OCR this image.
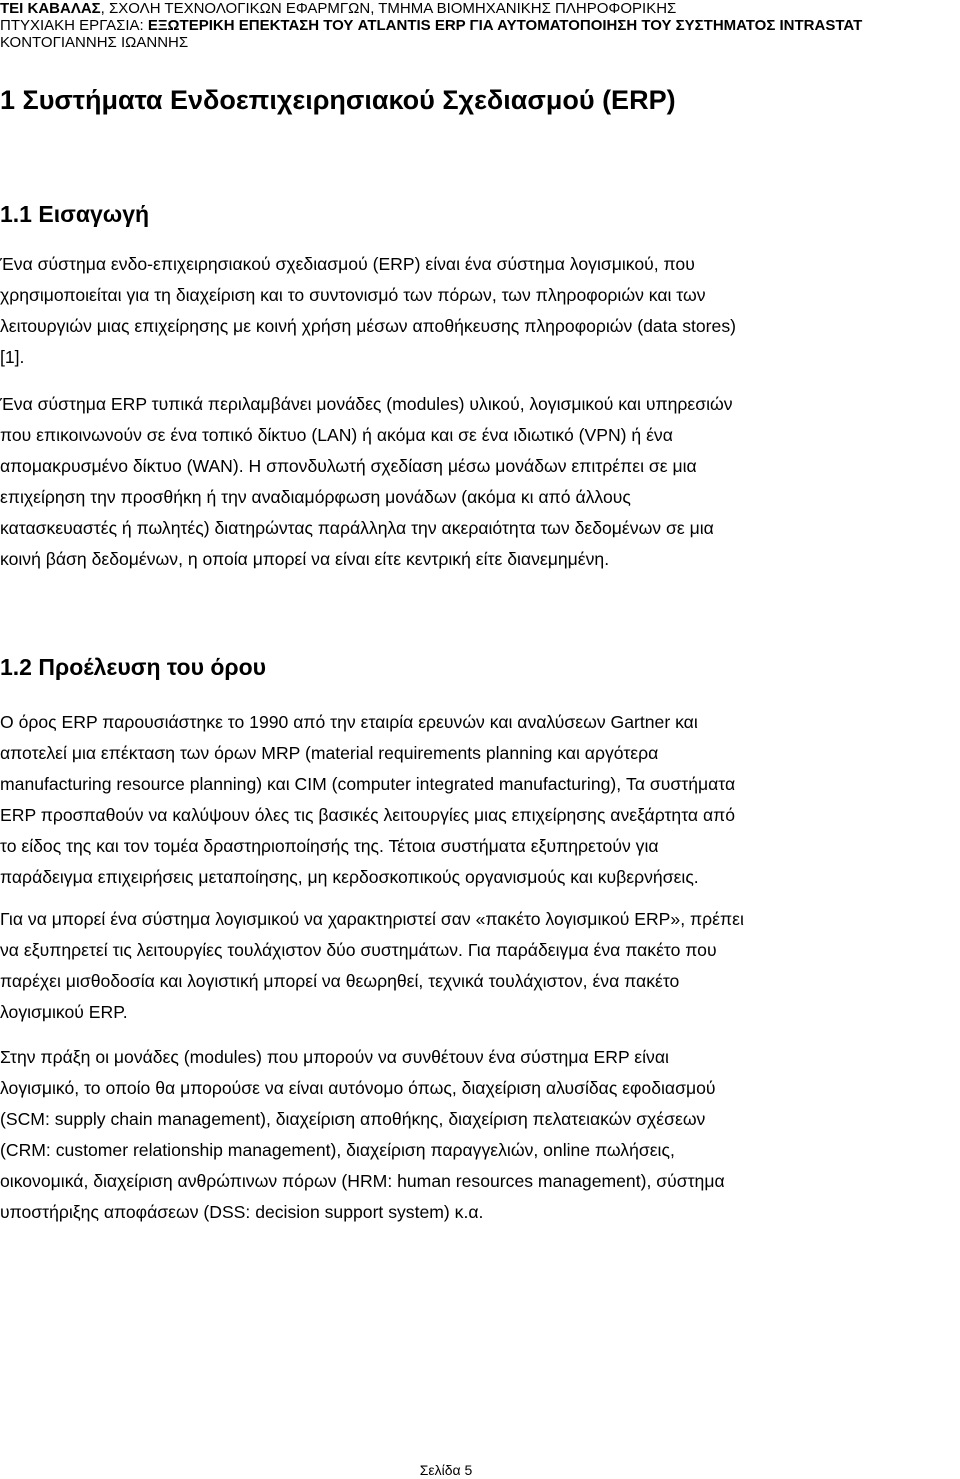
ΤΕΙ ΚΑΒΑΛΑΣ, ΣΧΟΛΗ ΤΕΧΝΟΛΟΓΙΚΩΝ ΕΦΑΡΜΓΩΝ, ΤΜΗΜΑ ΒΙΟΜΗΧΑΝΙΚΗΣ ΠΛΗΡΟΦΟΡΙΚΗΣ
ΠΤΥΧΙΑΚΗ ΕΡΓΑΣΙΑ: ΕΞΩΤΕΡΙΚΗ ΕΠΕΚΤΑΣΗ ΤΟΥ ATLANTIS ERP ΓΙΑ ΑΥΤΟΜΑΤΟΠΟΙΗΣΗ ΤΟΥ ΣΥΣΤΗΜΑΤΟΣ INTRASTAT
ΚΟΝΤΟΓΙΑΝΝΗΣ ΙΩΑΝΝΗΣ
1 Συστήματα Ενδοεπιχειρησιακού Σχεδιασμού (ERP)
1.1 Εισαγωγή

Ένα σύστημα ενδο-επιχειρησιακού σχεδιασμού (ERP) είναι ένα σύστημα λογισμικού, που
χρησιμοποιείται για τη διαχείριση και το συντονισμό των πόρων, των πληροφοριών και των
λειτουργιών μιας επιχείρησης με κοινή χρήση μέσων αποθήκευσης πληροφοριών (data stores)
[1].

Ένα σύστημα ERP τυπικά περιλαμβάνει μονάδες (modules) υλικού, λογισμικού και υπηρεσιών
που επικοινωνούν σε ένα τοπικό δίκτυο (LAN) ή ακόμα και σε ένα ιδιωτικό (VPN) ή ένα
απομακρυσμένο δίκτυο (WAN). Η σπονδυλωτή σχεδίαση μέσω μονάδων επιτρέπει σε μια
επιχείρηση την προσθήκη ή την αναδιαμόρφωση μονάδων (ακόμα κι από άλλους
κατασκευαστές ή πωλητές) διατηρώντας παράλληλα την ακεραιότητα των δεδομένων σε μια
κοινή βάση δεδομένων, η οποία μπορεί να είναι είτε κεντρική είτε διανεμημένη.

1.2 Προέλευση του όρου

Ο όρος ERP παρουσιάστηκε το 1990 από την εταιρία ερευνών και αναλύσεων Gartner και
αποτελεί μια επέκταση των όρων MRP (material requirements planning και αργότερα
manufacturing resource planning) και CIM (computer integrated manufacturing), Τα συστήματα
ERP προσπαθούν να καλύψουν όλες τις βασικές λειτουργίες μιας επιχείρησης ανεξάρτητα από
το είδος της και τον τομέα δραστηριοποίησής της. Τέτοια συστήματα εξυπηρετούν για
παράδειγμα επιχειρήσεις μεταποίησης, μη κερδοσκοπικούς οργανισμούς και κυβερνήσεις.

Για να μπορεί ένα σύστημα λογισμικού να χαρακτηριστεί σαν «πακέτο λογισμικού ERP», πρέπει
να εξυπηρετεί τις λειτουργίες τουλάχιστον δύο συστημάτων. Για παράδειγμα ένα πακέτο που
παρέχει μισθοδοσία και λογιστική μπορεί να θεωρηθεί, τεχνικά τουλάχιστον, ένα πακέτο
λογισμικού ERP.

Στην πράξη οι μονάδες (modules) που μπορούν να συνθέτουν ένα σύστημα ERP είναι
λογισμικό, το οποίο θα μπορούσε να είναι αυτόνομο όπως, διαχείριση αλυσίδας εφοδιασμού
(SCM: supply chain management), διαχείριση αποθήκης, διαχείριση πελατειακών σχέσεων
(CRM: customer relationship management), διαχείριση παραγγελιών, online πωλήσεις,
οικονομικά, διαχείριση ανθρώπινων πόρων (HRM: human resources management), σύστημα
υποστήριξης αποφάσεων (DSS: decision support system) κ.α.

Σελίδα 5
